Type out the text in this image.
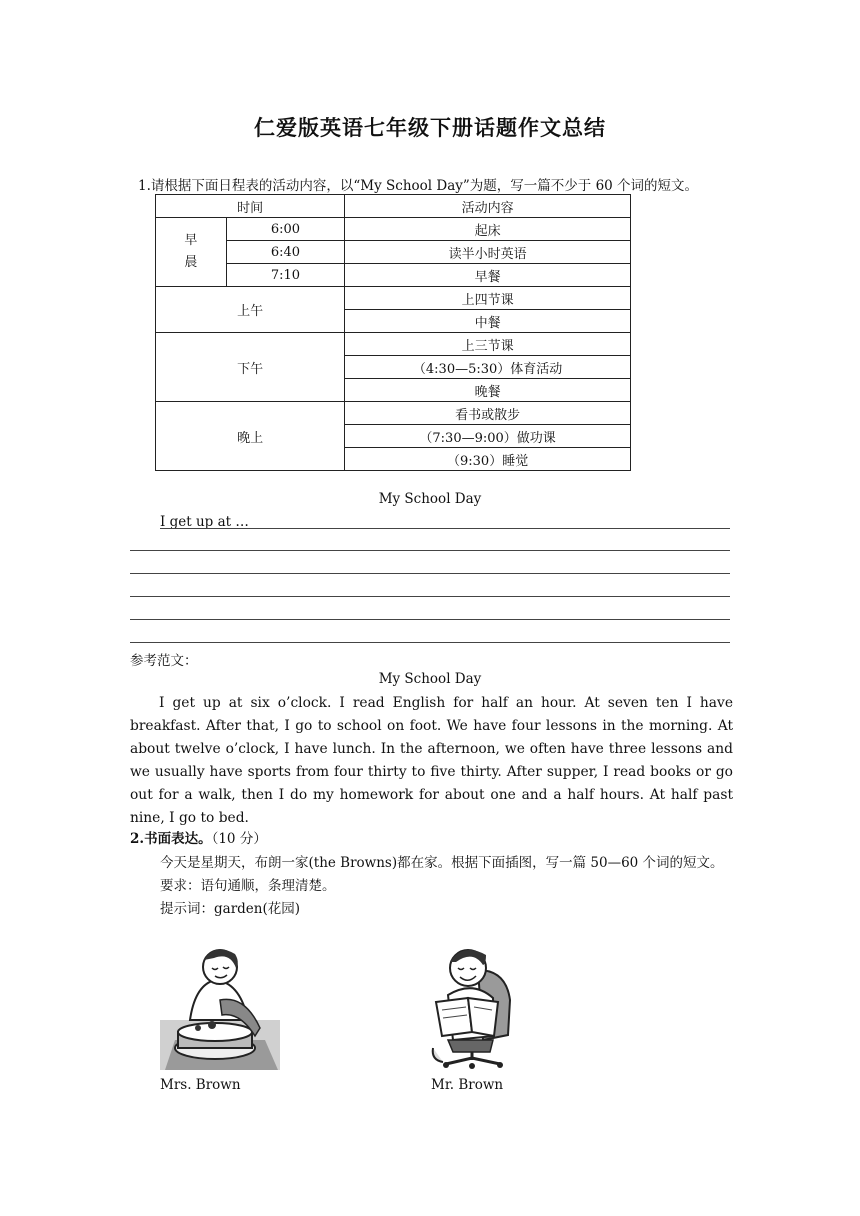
仁爱版英语七年级下册话题作文总结
1.请根据下面日程表的活动内容，以“My School Day”为题，写一篇不少于 60 个词的短文。
时间		活动内容

早
晨	6:00	起床
	6:40	读半小时英语
	7:10	早餐
上午		上四节课
		中餐
下午		上三节课
		（4:30—5:30）体育活动
		晚餐
晚上		看书或散步
		（7:30—9:00）做功课
		（9:30）睡觉
My School Day
I get up at …
参考范文：
My School Day

I get up at six o’clock. I read English for half an hour. At seven ten I have breakfast. After that, I go to school on foot. We have four lessons in the morning. At about twelve o’clock, I have lunch. In the afternoon, we often have three lessons and we usually have sports from four thirty to five thirty. After supper, I read books or go out for a walk, then I do my homework for about one and a half hours. At half past nine, I go to bed.

2.书面表达。（10 分）
今天是星期天，布朗一家(the Browns)都在家。根据下面插图，写一篇 50—60 个词的短文。
要求：语句通顺，条理清楚。
提示词：garden(花园)
Mrs. Brown	Mr. Brown
